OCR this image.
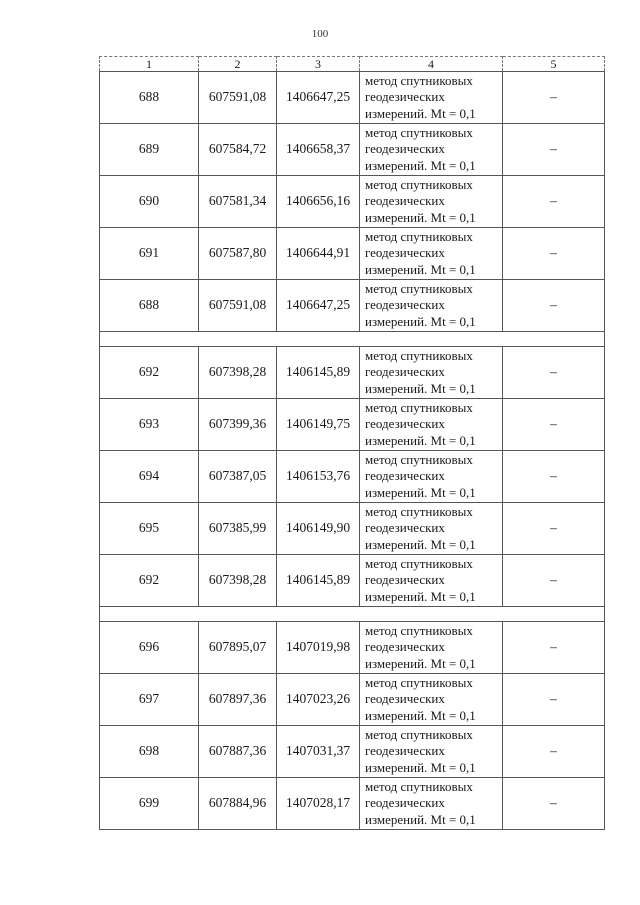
100
1	2	3	4	5
688	607591,08	1406647,25	метод спутниковых
геодезических
измерений. Mt = 0,1	–
689	607584,72	1406658,37	метод спутниковых
геодезических
измерений. Mt = 0,1	–
690	607581,34	1406656,16	метод спутниковых
геодезических
измерений. Mt = 0,1	–
691	607587,80	1406644,91	метод спутниковых
геодезических
измерений. Mt = 0,1	–
688	607591,08	1406647,25	метод спутниковых
геодезических
измерений. Mt = 0,1	–

692	607398,28	1406145,89	метод спутниковых
геодезических
измерений. Mt = 0,1	–
693	607399,36	1406149,75	метод спутниковых
геодезических
измерений. Mt = 0,1	–
694	607387,05	1406153,76	метод спутниковых
геодезических
измерений. Mt = 0,1	–
695	607385,99	1406149,90	метод спутниковых
геодезических
измерений. Mt = 0,1	–
692	607398,28	1406145,89	метод спутниковых
геодезических
измерений. Mt = 0,1	–

696	607895,07	1407019,98	метод спутниковых
геодезических
измерений. Mt = 0,1	–
697	607897,36	1407023,26	метод спутниковых
геодезических
измерений. Mt = 0,1	–
698	607887,36	1407031,37	метод спутниковых
геодезических
измерений. Mt = 0,1	–
699	607884,96	1407028,17	метод спутниковых
геодезических
измерений. Mt = 0,1	–
